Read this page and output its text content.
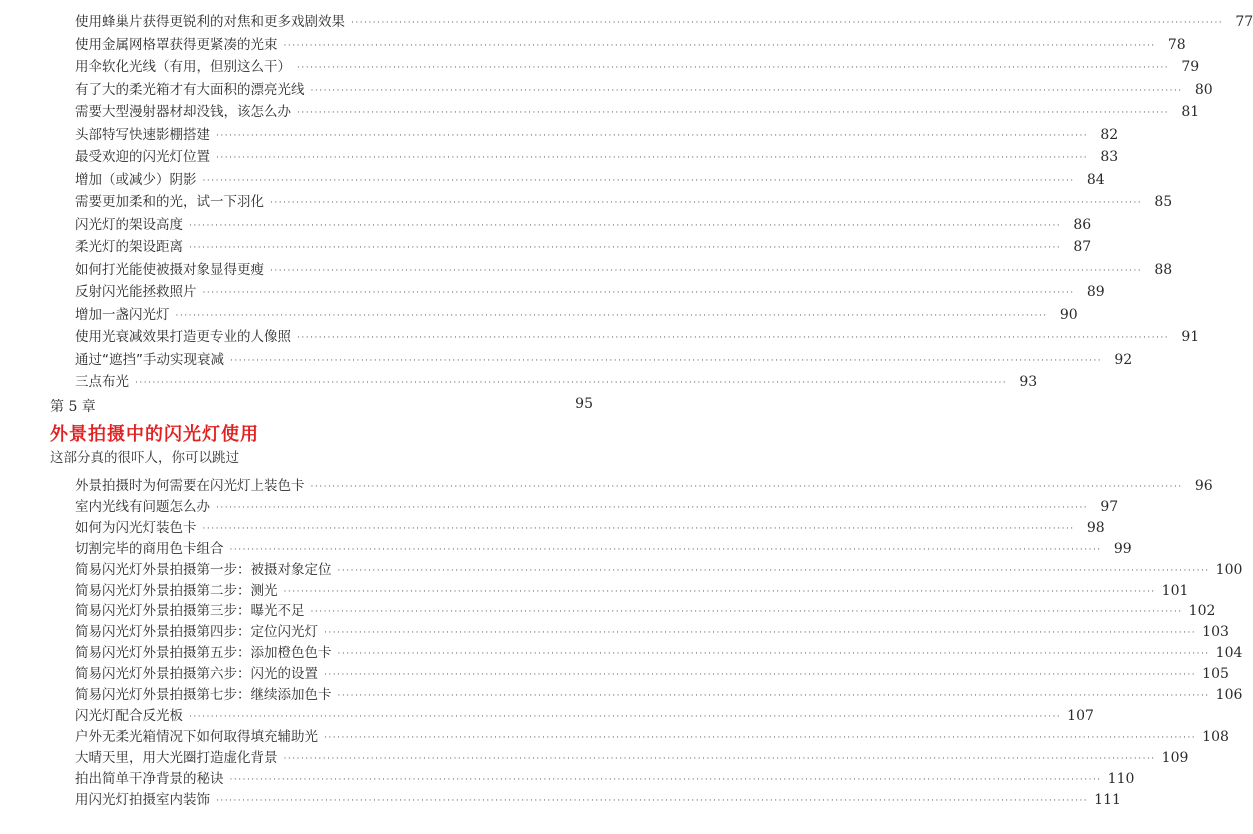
使用蜂巢片获得更锐利的对焦和更多戏剧效果 ········································································································································································································ 77
使用金属网格罩获得更紧凑的光束 ········································································································································································································ 78
用伞软化光线（有用，但别这么干） ········································································································································································································ 79
有了大的柔光箱才有大面积的漂亮光线 ········································································································································································································ 80
需要大型漫射器材却没钱，该怎么办 ········································································································································································································ 81
头部特写快速影棚搭建 ········································································································································································································ 82
最受欢迎的闪光灯位置 ········································································································································································································ 83
增加（或减少）阴影 ········································································································································································································ 84
需要更加柔和的光，试一下羽化 ········································································································································································································ 85
闪光灯的架设高度 ········································································································································································································ 86
柔光灯的架设距离 ········································································································································································································ 87
如何打光能使被摄对象显得更瘦 ········································································································································································································ 88
反射闪光能拯救照片 ········································································································································································································ 89
增加一盏闪光灯 ········································································································································································································ 90
使用光衰减效果打造更专业的人像照 ········································································································································································································ 91
通过“遮挡”手动实现衰减 ········································································································································································································ 92
三点布光 ········································································································································································································ 93
第 5 章	95
外景拍摄中的闪光灯使用
这部分真的很吓人，你可以跳过
外景拍摄时为何需要在闪光灯上装色卡 ········································································································································································································ 96
室内光线有问题怎么办 ········································································································································································································ 97
如何为闪光灯装色卡 ········································································································································································································ 98
切割完毕的商用色卡组合 ········································································································································································································ 99
简易闪光灯外景拍摄第一步：被摄对象定位 ········································································································································································································ 100
简易闪光灯外景拍摄第二步：测光 ········································································································································································································ 101
简易闪光灯外景拍摄第三步：曝光不足 ········································································································································································································ 102
简易闪光灯外景拍摄第四步：定位闪光灯 ········································································································································································································ 103
简易闪光灯外景拍摄第五步：添加橙色色卡 ········································································································································································································ 104
简易闪光灯外景拍摄第六步：闪光的设置 ········································································································································································································ 105
简易闪光灯外景拍摄第七步：继续添加色卡 ········································································································································································································ 106
闪光灯配合反光板 ········································································································································································································ 107
户外无柔光箱情况下如何取得填充辅助光 ········································································································································································································ 108
大晴天里，用大光圈打造虚化背景 ········································································································································································································ 109
拍出简单干净背景的秘诀 ········································································································································································································ 110
用闪光灯拍摄室内装饰 ········································································································································································································ 111
